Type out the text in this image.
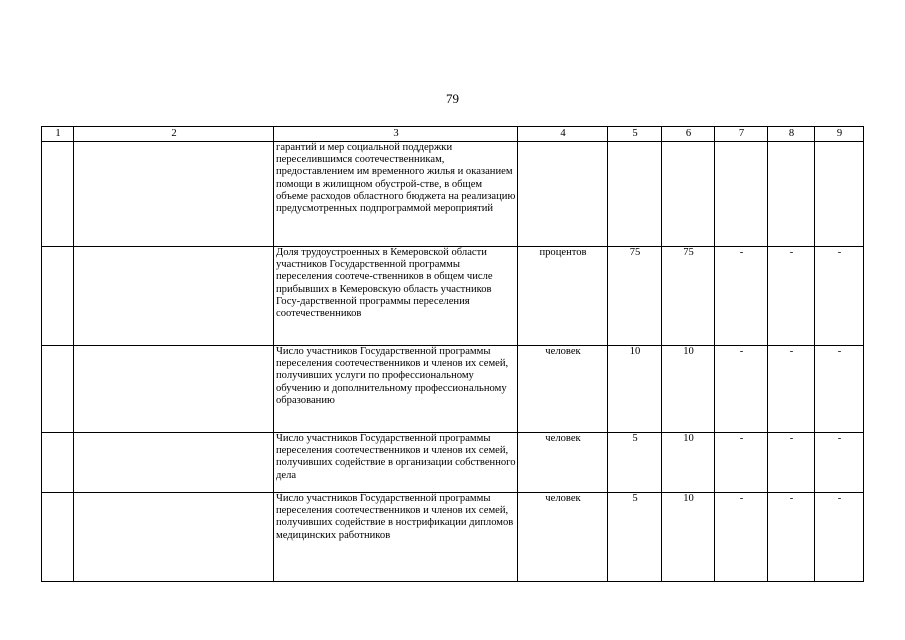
79
1	2	3	4	5	6	7	8	9
		гарантий и мер социальной поддержки переселившимся соотечественникам, предоставлением им временного жилья и оказанием помощи в жилищном обустрой-стве, в общем объеме расходов областного бюджета на реализацию предусмотренных подпрограммой мероприятий						
		Доля трудоустроенных в Кемеровской области участников Государственной программы переселения соотече-ственников в общем числе прибывших в Кемеровскую область участников Госу-дарственной программы переселения соотечественников	процентов	75	75	-	-	-
		Число участников Государственной программы переселения соотечественников и членов их семей, получивших услуги по профессиональному обучению и дополнительному профессиональному образованию	человек	10	10	-	-	-
		Число участников Государственной программы переселения соотечественников и членов их семей, получивших содействие в организации собственного дела	человек	5	10	-	-	-
		Число участников Государственной программы переселения соотечественников и членов их семей, получивших содействие в нострификации дипломов медицинских работников	человек	5	10	-	-	-
